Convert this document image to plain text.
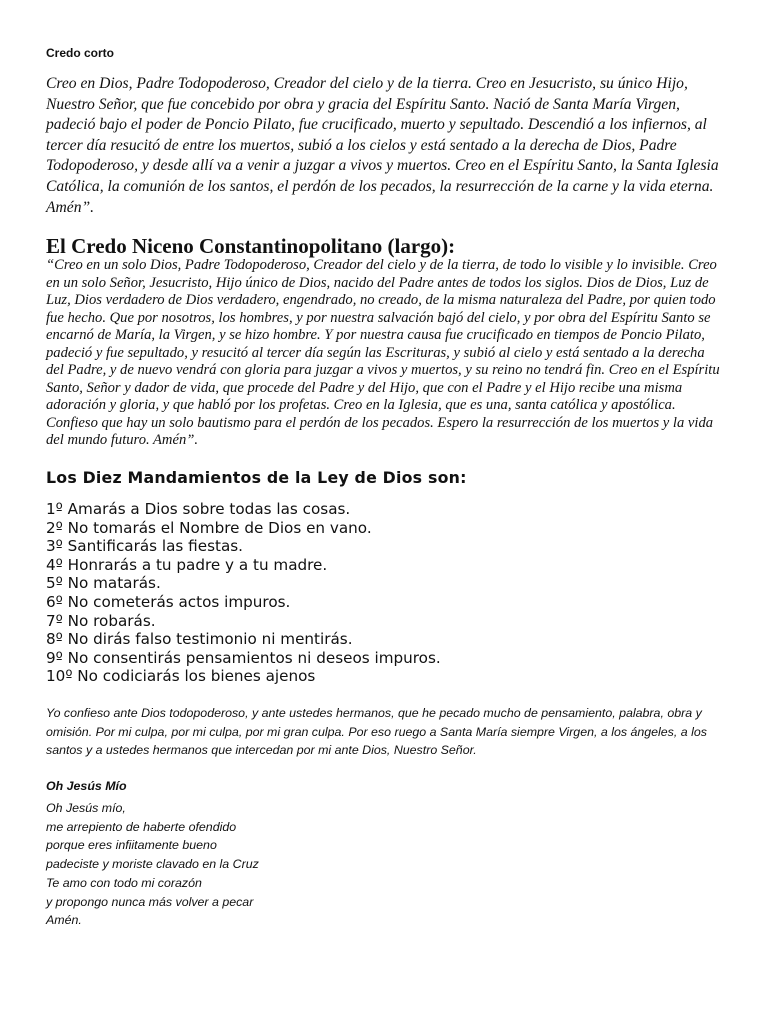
Credo corto

Creo en Dios, Padre Todopoderoso, Creador del cielo y de la tierra. Creo en Jesucristo, su único Hijo, Nuestro Señor, que fue concebido por obra y gracia del Espíritu Santo. Nació de Santa María Virgen, padeció bajo el poder de Poncio Pilato, fue crucificado, muerto y sepultado. Descendió a los infiernos, al tercer día resucitó de entre los muertos, subió a los cielos y está sentado a la derecha de Dios, Padre Todopoderoso, y desde allí va a venir a juzgar a vivos y muertos. Creo en el Espíritu Santo, la Santa Iglesia Católica, la comunión de los santos, el perdón de los pecados, la resurrección de la carne y la vida eterna. Amén”.

El Credo Niceno Constantinopolitano (largo):

“Creo en un solo Dios, Padre Todopoderoso, Creador del cielo y de la tierra, de todo lo visible y lo invisible. Creo en un solo Señor, Jesucristo, Hijo único de Dios, nacido del Padre antes de todos los siglos. Dios de Dios, Luz de Luz, Dios verdadero de Dios verdadero, engendrado, no creado, de la misma naturaleza del Padre, por quien todo fue hecho. Que por nosotros, los hombres, y por nuestra salvación bajó del cielo, y por obra del Espíritu Santo se encarnó de María, la Virgen, y se hizo hombre. Y por nuestra causa fue crucificado en tiempos de Poncio Pilato, padeció y fue sepultado, y resucitó al tercer día según las Escrituras, y subió al cielo y está sentado a la derecha del Padre, y de nuevo vendrá con gloria para juzgar a vivos y muertos, y su reino no tendrá fin. Creo en el Espíritu Santo, Señor y dador de vida, que procede del Padre y del Hijo, que con el Padre y el Hijo recibe una misma adoración y gloria, y que habló por los profetas. Creo en la Iglesia, que es una, santa católica y apostólica. Confieso que hay un solo bautismo para el perdón de los pecados. Espero la resurrección de los muertos y la vida del mundo futuro. Amén”.

Los Diez Mandamientos de la Ley de Dios son:
1º Amarás a Dios sobre todas las cosas.
2º No tomarás el Nombre de Dios en vano.
3º Santificarás las fiestas.
4º Honrarás a tu padre y a tu madre.
5º No matarás.
6º No cometerás actos impuros.
7º No robarás.
8º No dirás falso testimonio ni mentirás.
9º No consentirás pensamientos ni deseos impuros.
10º No codiciarás los bienes ajenos

Yo confieso ante Dios todopoderoso, y ante ustedes hermanos, que he pecado mucho de pensamiento, palabra, obra y omisión. Por mi culpa, por mi culpa, por mi gran culpa. Por eso ruego a Santa María siempre Virgen, a los ángeles, a los santos y a ustedes hermanos que intercedan por mi ante Dios, Nuestro Señor.

Oh Jesús Mío
Oh Jesús mío,
me arrepiento de haberte ofendido
porque eres infiitamente bueno
padeciste y moriste clavado en la Cruz
Te amo con todo mi corazón
y propongo nunca más volver a pecar
Amén.
